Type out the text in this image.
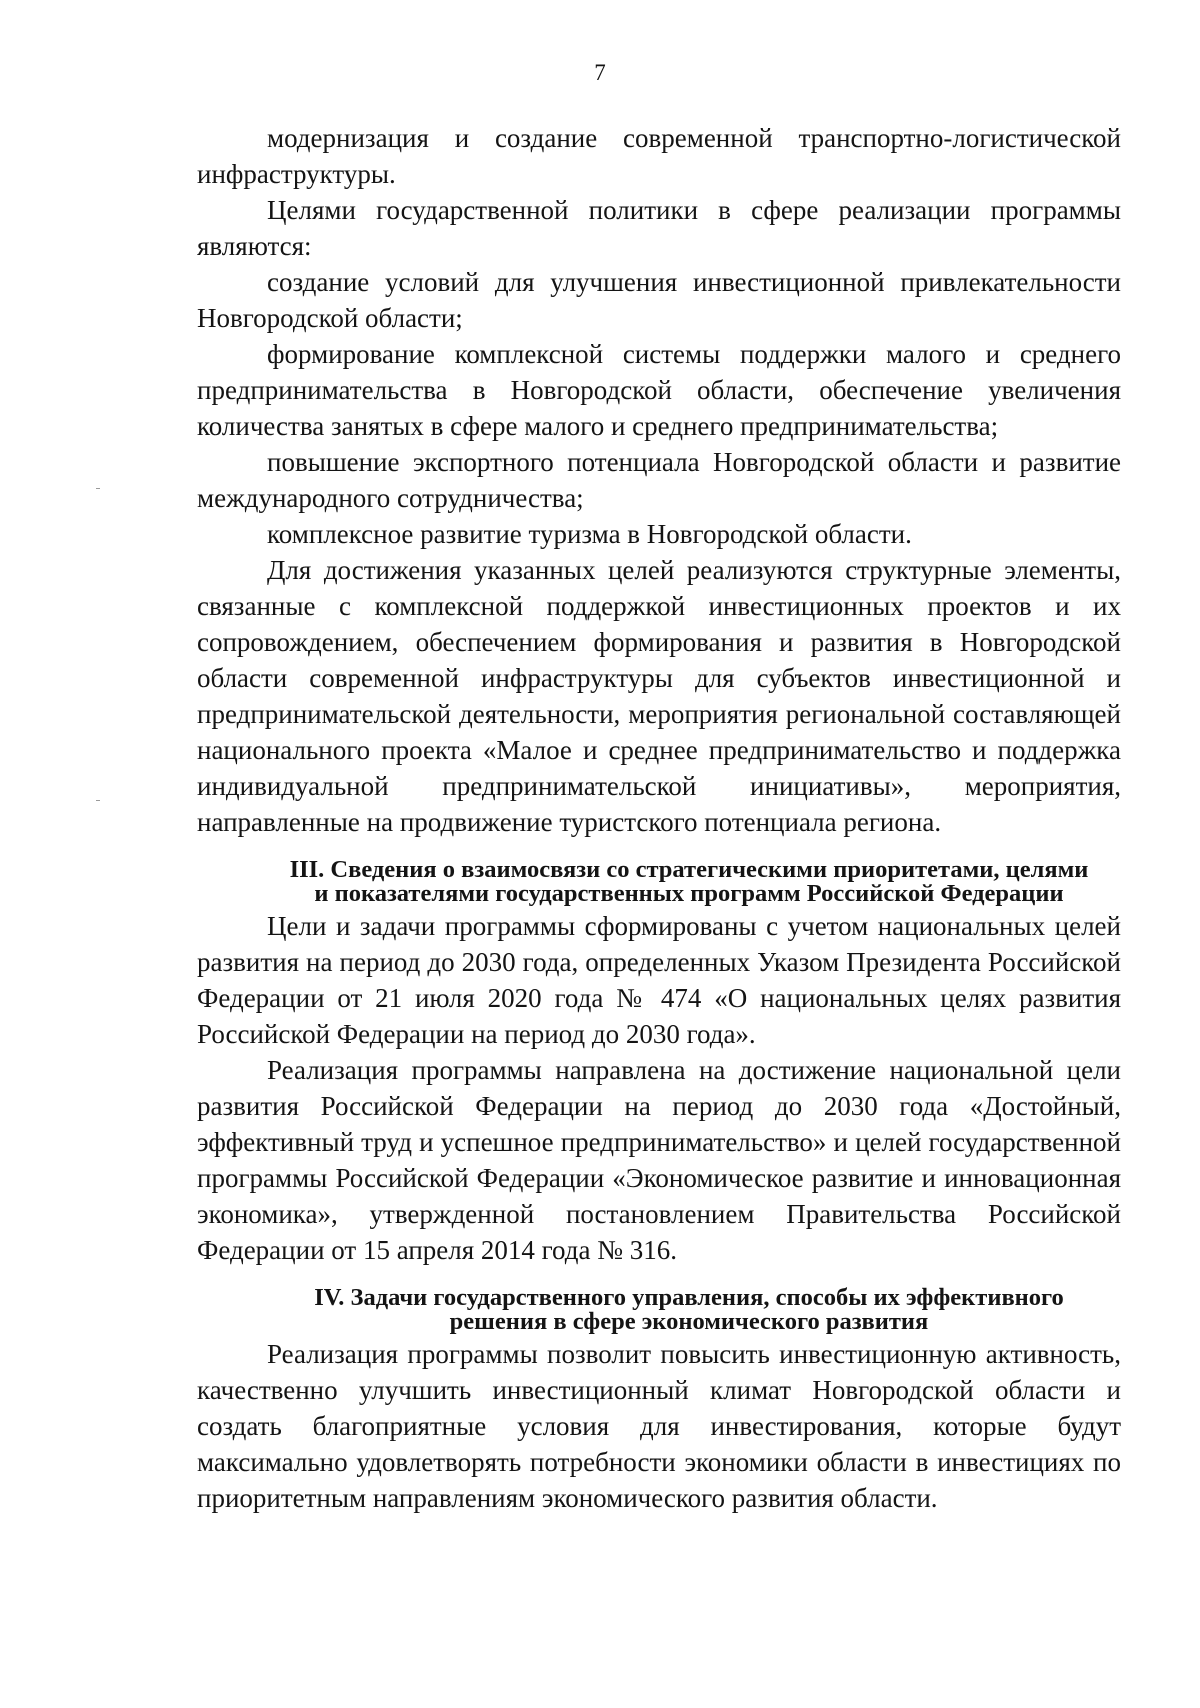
7

модернизация и создание современной транспортно-логистической инфраструктуры.

Целями государственной политики в сфере реализации программы являются:

создание условий для улучшения инвестиционной привлекательности Новгородской области;

формирование комплексной системы поддержки малого и среднего предпринимательства в Новгородской области, обеспечение увеличения количества занятых в сфере малого и среднего предпринимательства;

повышение экспортного потенциала Новгородской области и развитие международного сотрудничества;

комплексное развитие туризма в Новгородской области.

Для достижения указанных целей реализуются структурные элементы, связанные с комплексной поддержкой инвестиционных проектов и их сопровождением, обеспечением формирования и развития в Новгородской области современной инфраструктуры для субъектов инвестиционной и предпринимательской деятельности, мероприятия региональной составляющей национального проекта «Малое и среднее предпринимательство и поддержка индивидуальной предпринимательской инициативы», мероприятия, направленные на продвижение туристского потенциала региона.

III. Сведения о взаимосвязи со стратегическими приоритетами, целями
и показателями государственных программ Российской Федерации

Цели и задачи программы сформированы с учетом национальных целей развития на период до 2030 года, определенных Указом Президента Российской Федерации от 21 июля 2020 года № 474 «О национальных целях развития Российской Федерации на период до 2030 года».

Реализация программы направлена на достижение национальной цели развития Российской Федерации на период до 2030 года «Достойный, эффективный труд и успешное предпринимательство» и целей государственной программы Российской Федерации «Экономическое развитие и инновационная экономика», утвержденной постановлением Правительства Российской Федерации от 15 апреля 2014 года № 316.

IV. Задачи государственного управления, способы их эффективного
решения в сфере экономического развития

Реализация программы позволит повысить инвестиционную активность, качественно улучшить инвестиционный климат Новгородской области и создать благоприятные условия для инвестирования, которые будут максимально удовлетворять потребности экономики области в инвестициях по приоритетным направлениям экономического развития области.
